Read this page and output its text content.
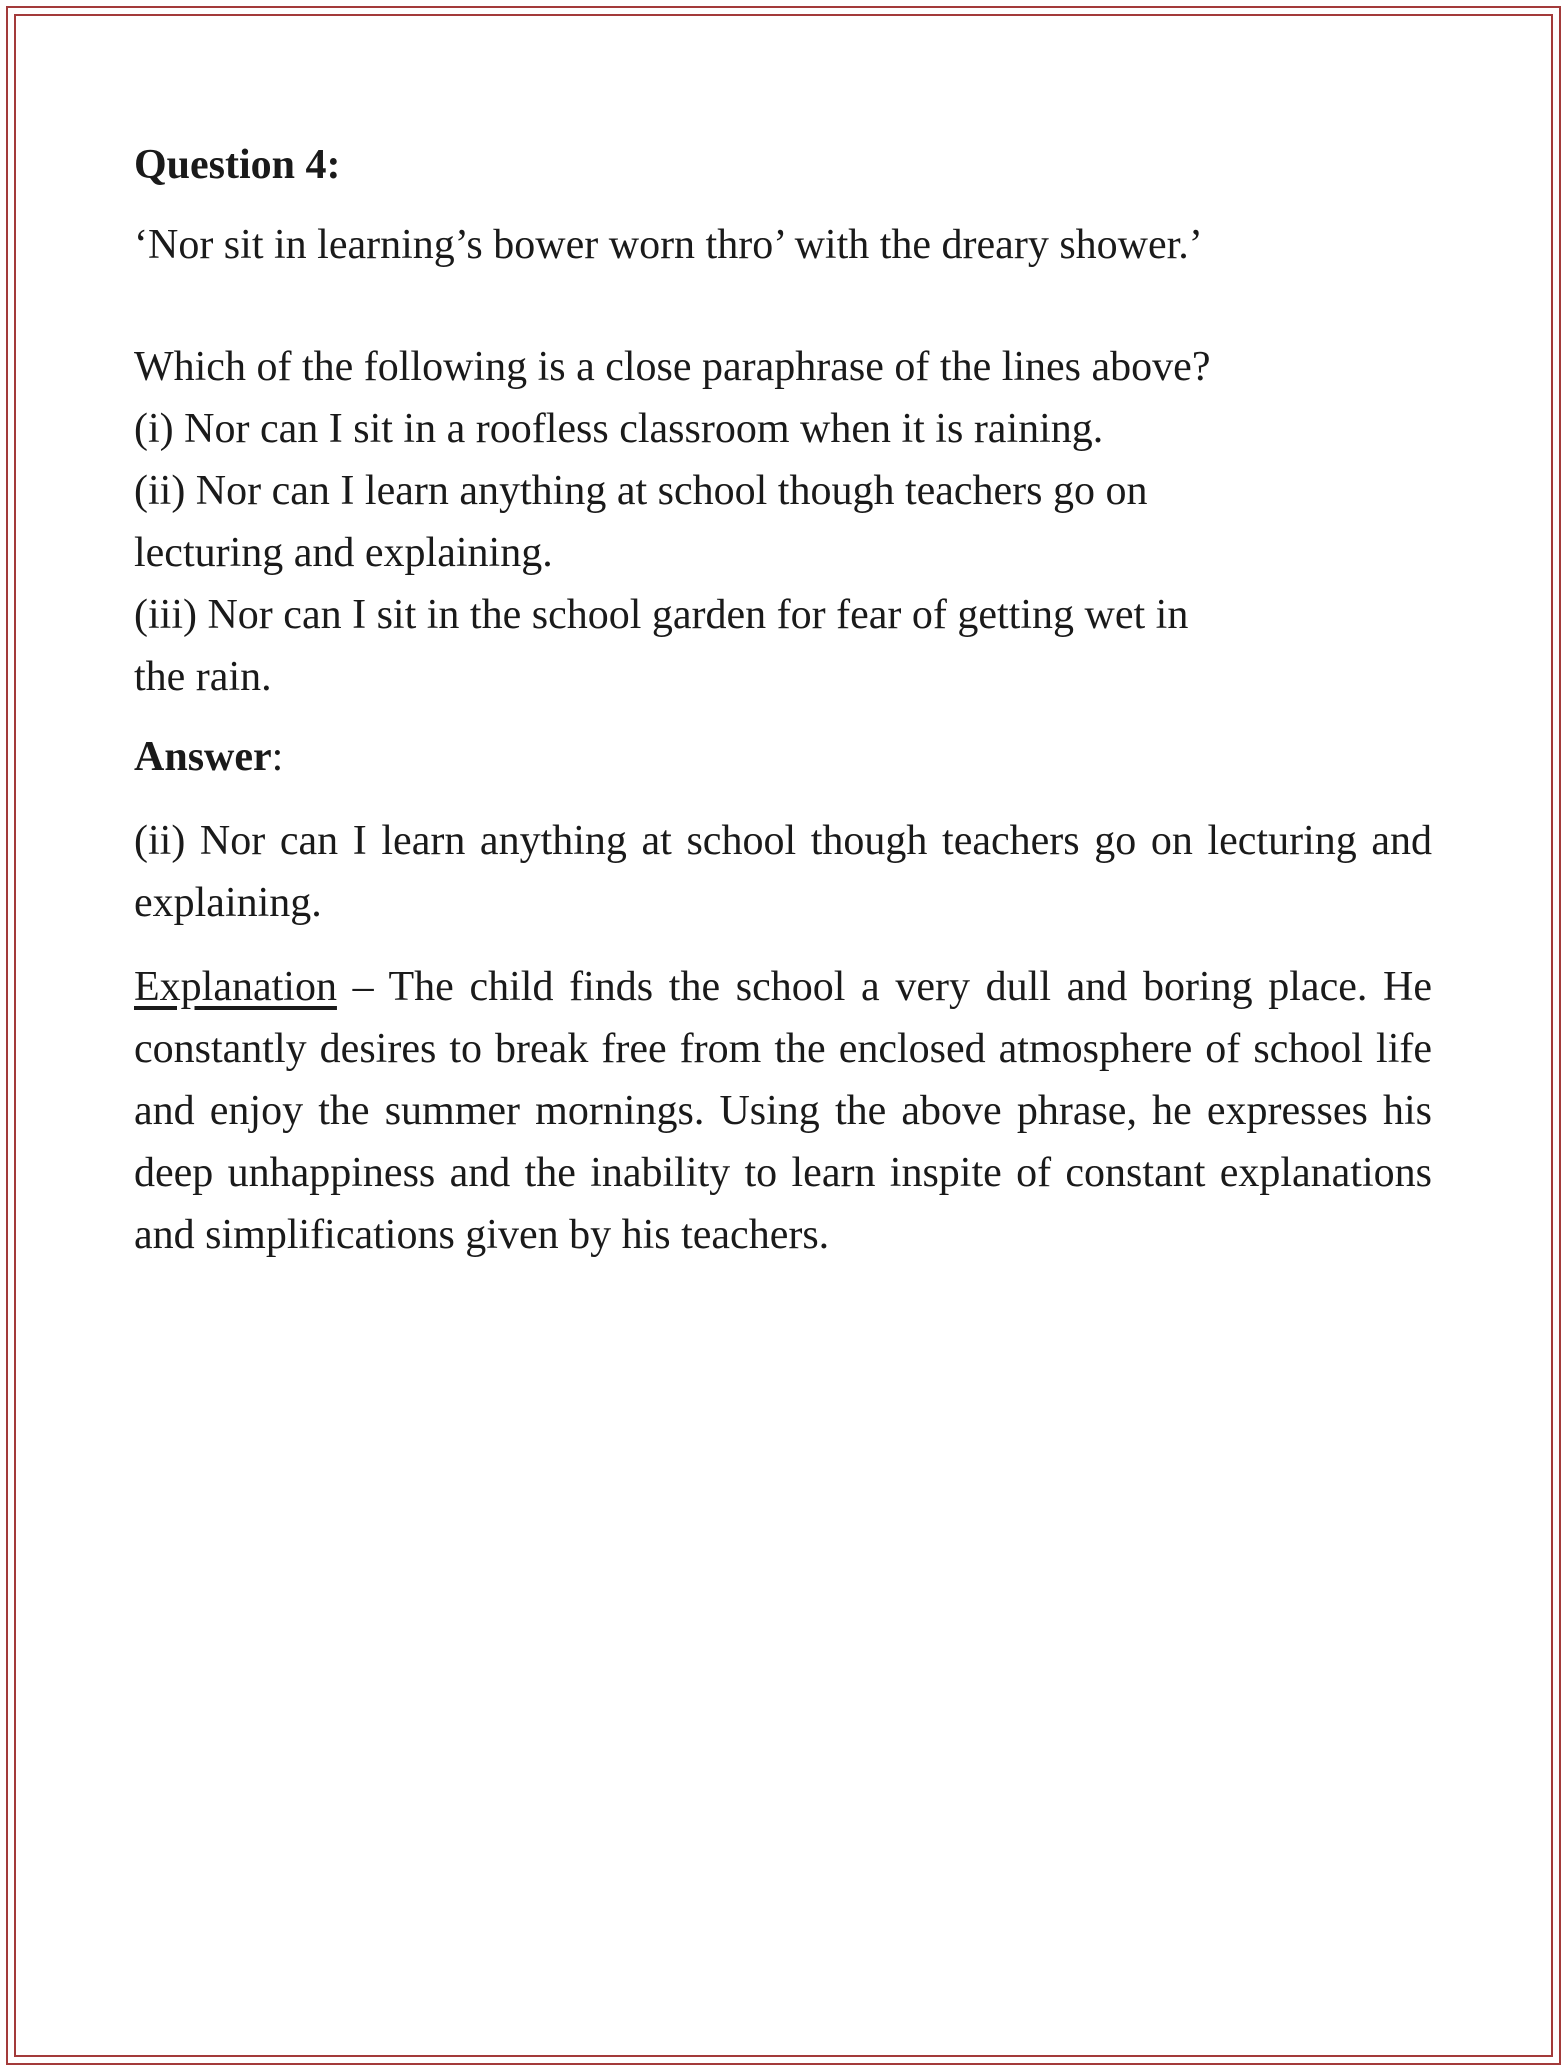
Question 4:

‘Nor sit in learning’s bower worn thro’ with the dreary shower.’

Which of the following is a close paraphrase of the lines above?

(i) Nor can I sit in a roofless classroom when it is raining.

(ii) Nor can I learn anything at school though teachers go on

lecturing and explaining.

(iii) Nor can I sit in the school garden for fear of getting wet in

the rain.

Answer:

(ii) Nor can I learn anything at school though teachers go on lecturing and explaining.

Explanation – The child finds the school a very dull and boring place. He constantly desires to break free from the enclosed atmosphere of school life and enjoy the summer mornings. Using the above phrase, he expresses his deep unhappiness and the inability to learn inspite of constant explanations and simplifications given by his teachers.
